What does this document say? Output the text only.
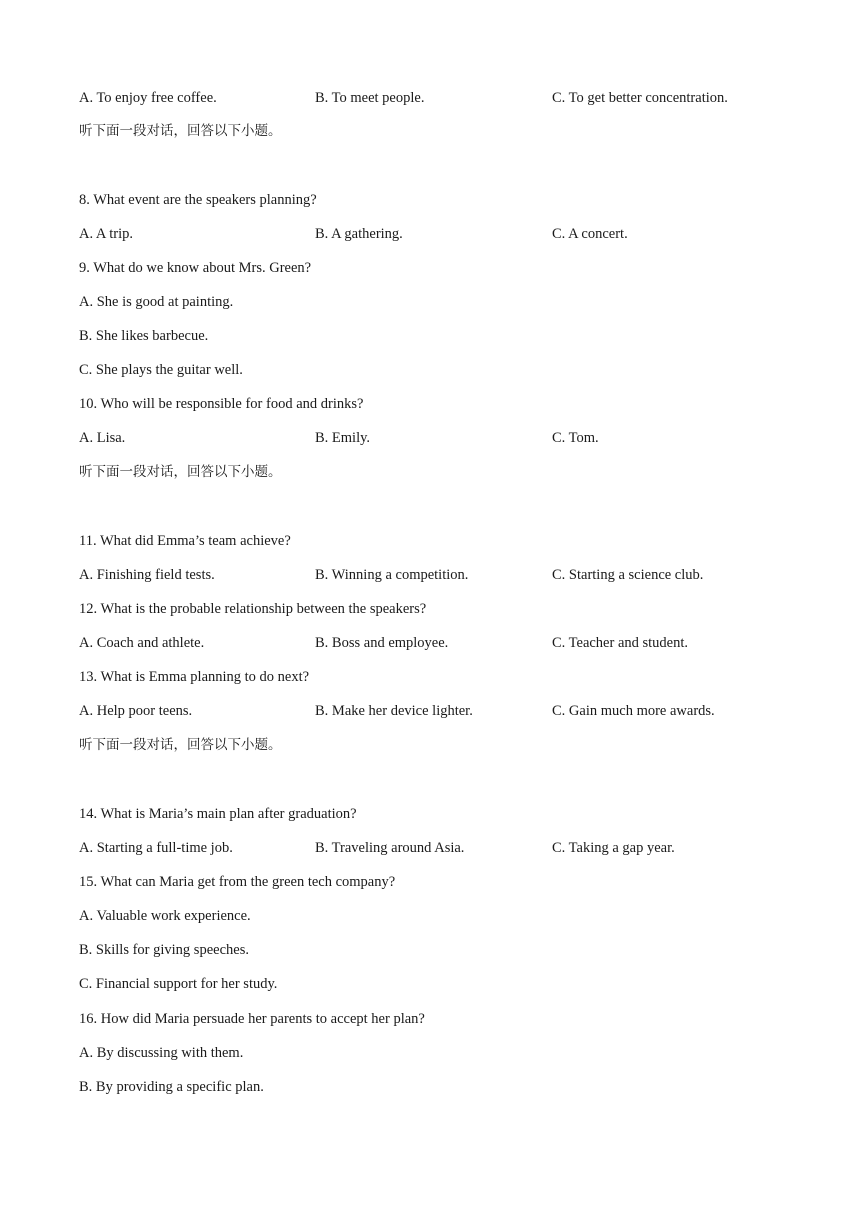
A. To enjoy free coffee.	B. To meet people.	C. To get better concentration.
听下面一段对话，回答以下小题。
8. What event are the speakers planning?
A. A trip.	B. A gathering.	C. A concert.
9. What do we know about Mrs. Green?
A. She is good at painting.
B. She likes barbecue.
C. She plays the guitar well.
10. Who will be responsible for food and drinks?
A. Lisa.	B. Emily.	C. Tom.
听下面一段对话，回答以下小题。
11. What did Emma’s team achieve?
A. Finishing field tests.	B. Winning a competition.	C. Starting a science club.
12. What is the probable relationship between the speakers?
A. Coach and athlete.	B. Boss and employee.	C. Teacher and student.
13. What is Emma planning to do next?
A. Help poor teens.	B. Make her device lighter.	C. Gain much more awards.
听下面一段对话，回答以下小题。
14. What is Maria’s main plan after graduation?
A. Starting a full-time job.	B. Traveling around Asia.	C. Taking a gap year.
15. What can Maria get from the green tech company?
A. Valuable work experience.
B. Skills for giving speeches.
C. Financial support for her study.
16. How did Maria persuade her parents to accept her plan?
A. By discussing with them.
B. By providing a specific plan.
